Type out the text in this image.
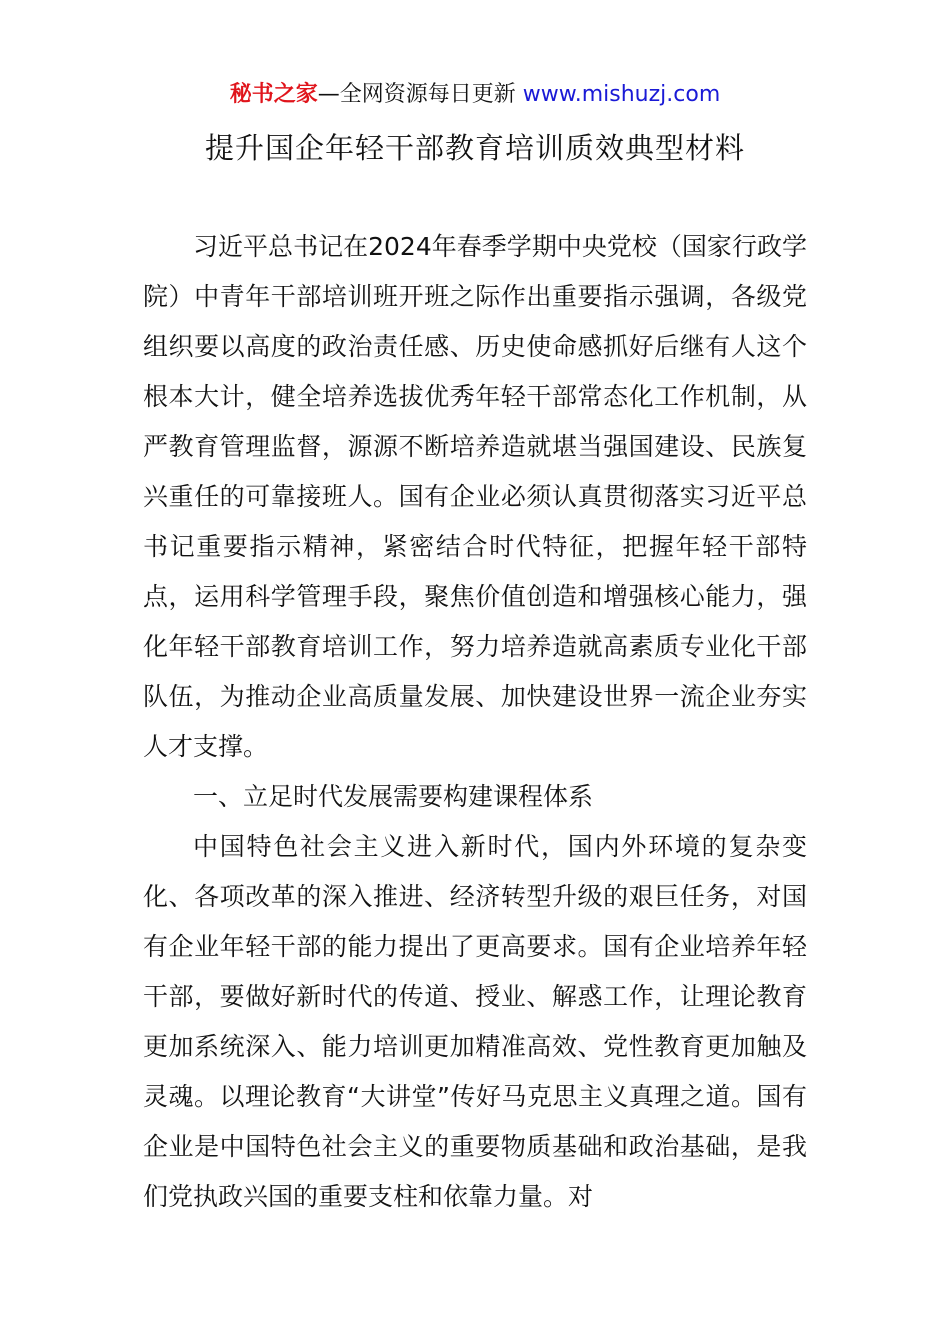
秘书之家—全网资源每日更新 www.mishuzj.com
提升国企年轻干部教育培训质效典型材料

习近平总书记在2024年春季学期中央党校（国家行政学院）中青年干部培训班开班之际作出重要指示强调，各级党组织要以高度的政治责任感、历史使命感抓好后继有人这个根本大计，健全培养选拔优秀年轻干部常态化工作机制，从严教育管理监督，源源不断培养造就堪当强国建设、民族复兴重任的可靠接班人。国有企业必须认真贯彻落实习近平总书记重要指示精神，紧密结合时代特征，把握年轻干部特点，运用科学管理手段，聚焦价值创造和增强核心能力，强化年轻干部教育培训工作，努力培养造就高素质专业化干部队伍，为推动企业高质量发展、加快建设世界一流企业夯实人才支撑。

一、立足时代发展需要构建课程体系

中国特色社会主义进入新时代，国内外环境的复杂变化、各项改革的深入推进、经济转型升级的艰巨任务，对国有企业年轻干部的能力提出了更高要求。国有企业培养年轻干部，要做好新时代的传道、授业、解惑工作，让理论教育更加系统深入、能力培训更加精准高效、党性教育更加触及灵魂。以理论教育“大讲堂”传好马克思主义真理之道。国有企业是中国特色社会主义的重要物质基础和政治基础，是我们党执政兴国的重要支柱和依靠力量。对
